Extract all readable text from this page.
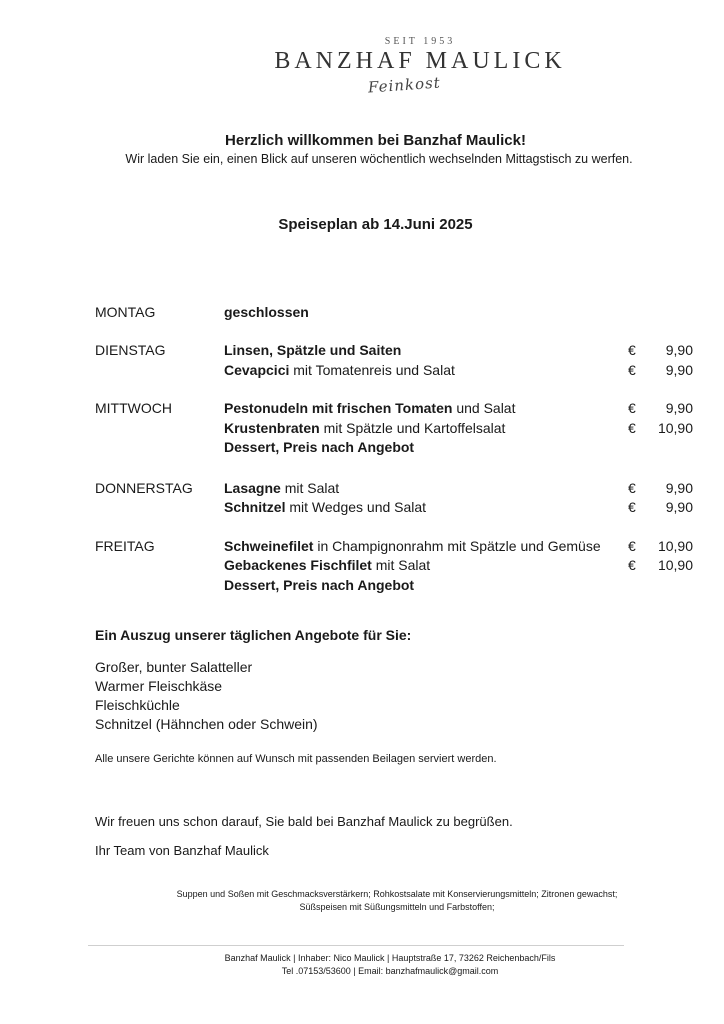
SEIT 1953
BANZHAF MAULICK
Feinkost
Herzlich willkommen bei Banzhaf Maulick!
Wir laden Sie ein, einen Blick auf unseren wöchentlich wechselnden Mittagstisch zu werfen.
Speiseplan ab 14.Juni 2025
MONTAG	geschlossen
DIENSTAG	Linsen, Spätzle und Saiten	€ 9,90
Cevapcici mit Tomatenreis und Salat	€ 9,90
MITTWOCH	Pestonudeln mit frischen Tomaten und Salat	€ 9,90
Krustenbraten mit Spätzle und Kartoffelsalat	€ 10,90
Dessert, Preis nach Angebot
DONNERSTAG Lasagne mit Salat	€ 9,90
Schnitzel mit Wedges und Salat	€ 9,90
FREITAG	Schweinefilet in Champignonrahm mit Spätzle und Gemüse € 10,90
Gebackenes Fischfilet mit Salat	€ 10,90
Dessert, Preis nach Angebot
Ein Auszug unserer täglichen Angebote für Sie:
Großer, bunter Salatteller
Warmer Fleischkäse
Fleischküchle
Schnitzel (Hähnchen oder Schwein)
Alle unsere Gerichte können auf Wunsch mit passenden Beilagen serviert werden.
Wir freuen uns schon darauf, Sie bald bei Banzhaf Maulick zu begrüßen.
Ihr Team von Banzhaf Maulick
Suppen und Soßen mit Geschmacksverstärkern; Rohkostsalate mit Konservierungsmitteln; Zitronen gewachst;
Süßspeisen mit Süßungsmitteln und Farbstoffen;
Banzhaf Maulick | Inhaber: Nico Maulick | Hauptstraße 17, 73262 Reichenbach/Fils
Tel .07153/53600 | Email: banzhafmaulick@gmail.com
